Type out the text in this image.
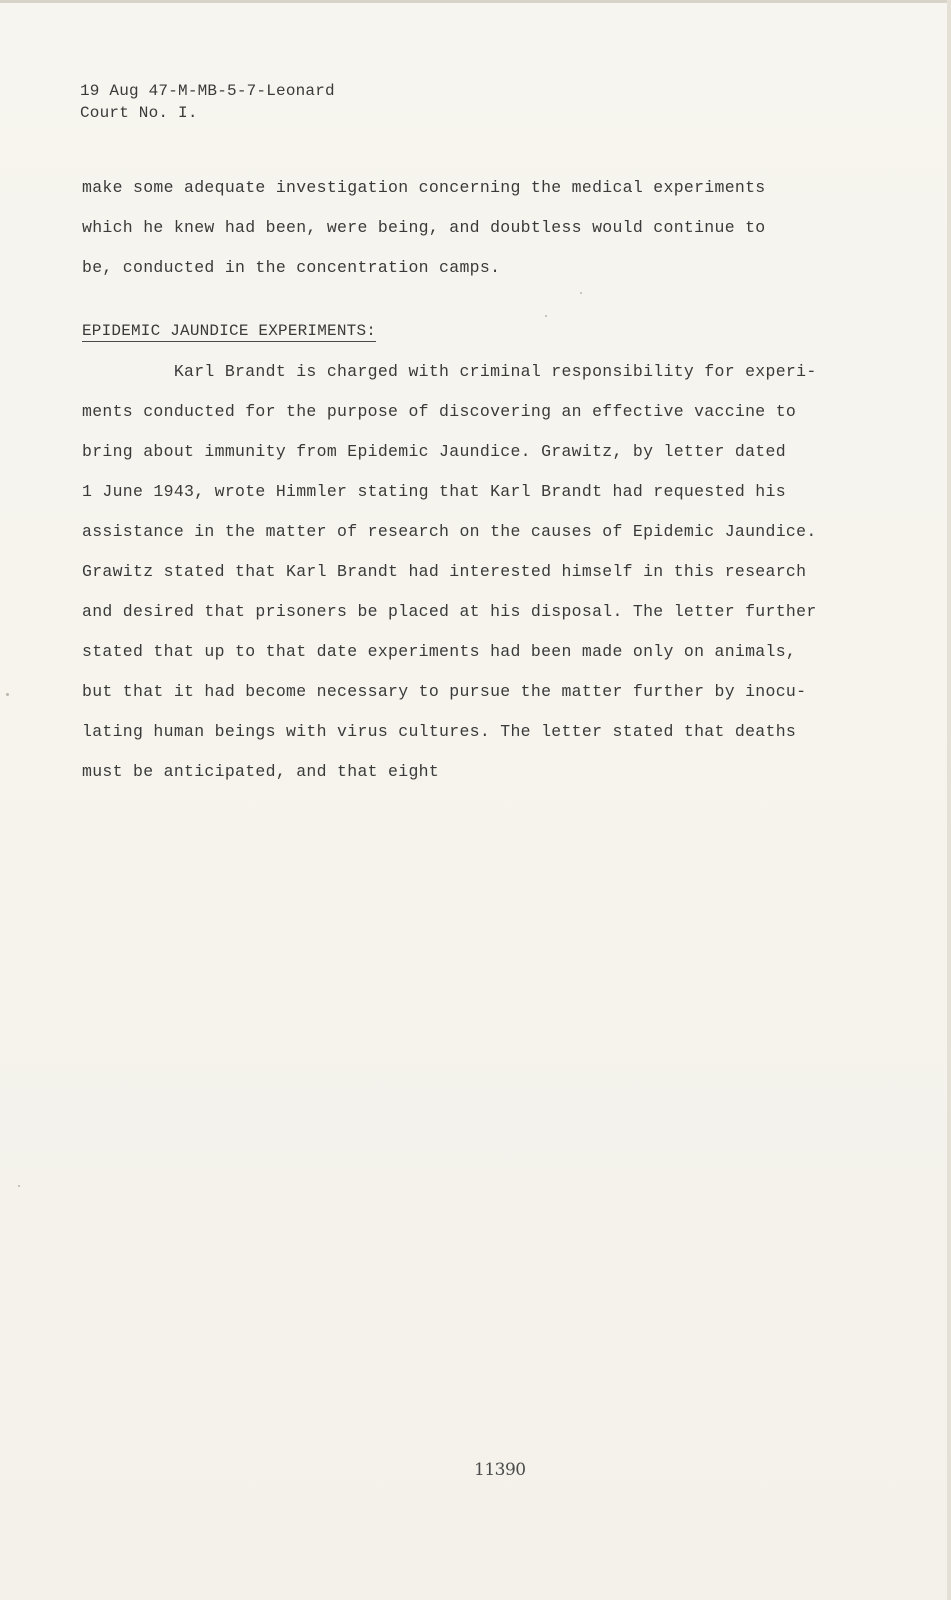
19 Aug 47-M-MB-5-7-Leonard
Court No. I.
make some adequate investigation concerning the medical experiments
which he knew had been, were being, and doubtless would continue to
be, conducted in the concentration camps.
EPIDEMIC JAUNDICE EXPERIMENTS:
Karl Brandt is charged with criminal responsibility for experi-
ments conducted for the purpose of discovering an effective vaccine to
bring about immunity from Epidemic Jaundice. Grawitz, by letter dated
1 June 1943, wrote Himmler stating that Karl Brandt had requested his
assistance in the matter of research on the causes of Epidemic Jaundice.
Grawitz stated that Karl Brandt had interested himself in this research
and desired that prisoners be placed at his disposal. The letter further
stated that up to that date experiments had been made only on animals,
but that it had become necessary to pursue the matter further by inocu-
lating human beings with virus cultures. The letter stated that deaths
must be anticipated, and that eight
11390
